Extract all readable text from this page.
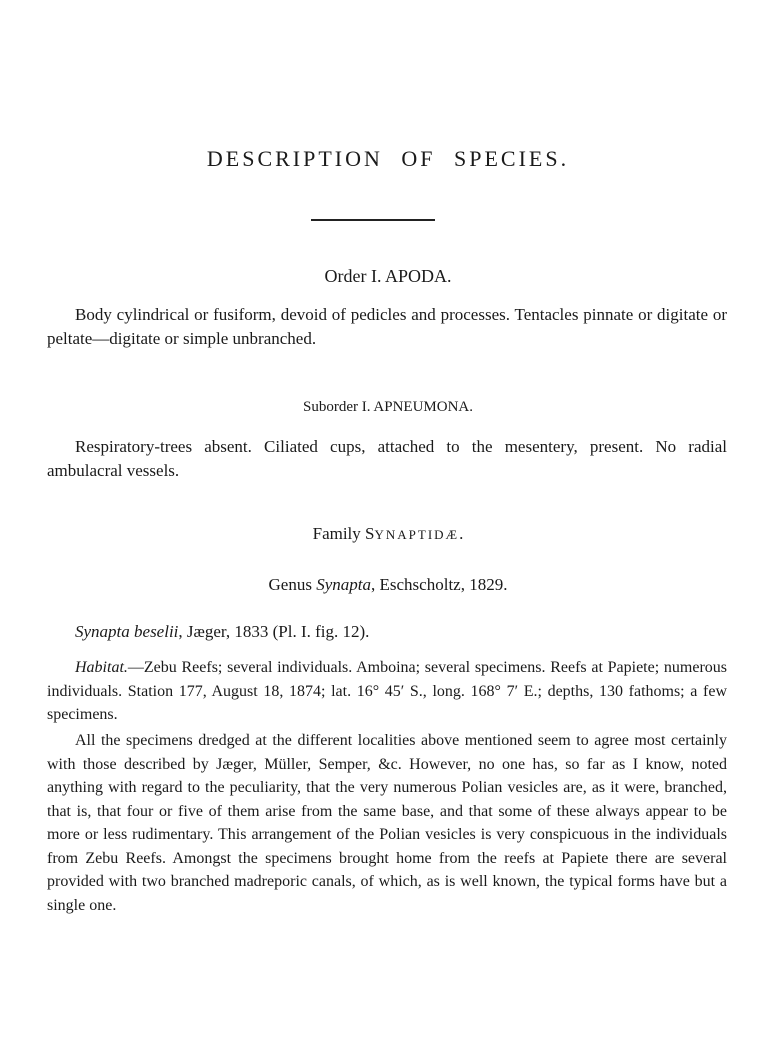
DESCRIPTION OF SPECIES.
Order I. APODA.

Body cylindrical or fusiform, devoid of pedicles and processes. Tentacles pinnate or digitate or peltate—digitate or simple unbranched.

Suborder I. APNEUMONA.

Respiratory-trees absent. Ciliated cups, attached to the mesentery, present. No radial ambulacral vessels.

Family SYNAPTIDÆ.
Genus Synapta, Eschscholtz, 1829.

Synapta beselii, Jæger, 1833 (Pl. I. fig. 12).

Habitat.—Zebu Reefs; several individuals. Amboina; several specimens. Reefs at Papiete; numerous individuals. Station 177, August 18, 1874; lat. 16° 45′ S., long. 168° 7′ E.; depths, 130 fathoms; a few specimens.

All the specimens dredged at the different localities above mentioned seem to agree most certainly with those described by Jæger, Müller, Semper, &c. However, no one has, so far as I know, noted anything with regard to the peculiarity, that the very numerous Polian vesicles are, as it were, branched, that is, that four or five of them arise from the same base, and that some of these always appear to be more or less rudimentary. This arrangement of the Polian vesicles is very conspicuous in the individuals from Zebu Reefs. Amongst the specimens brought home from the reefs at Papiete there are several provided with two branched madreporic canals, of which, as is well known, the typical forms have but a single one.
